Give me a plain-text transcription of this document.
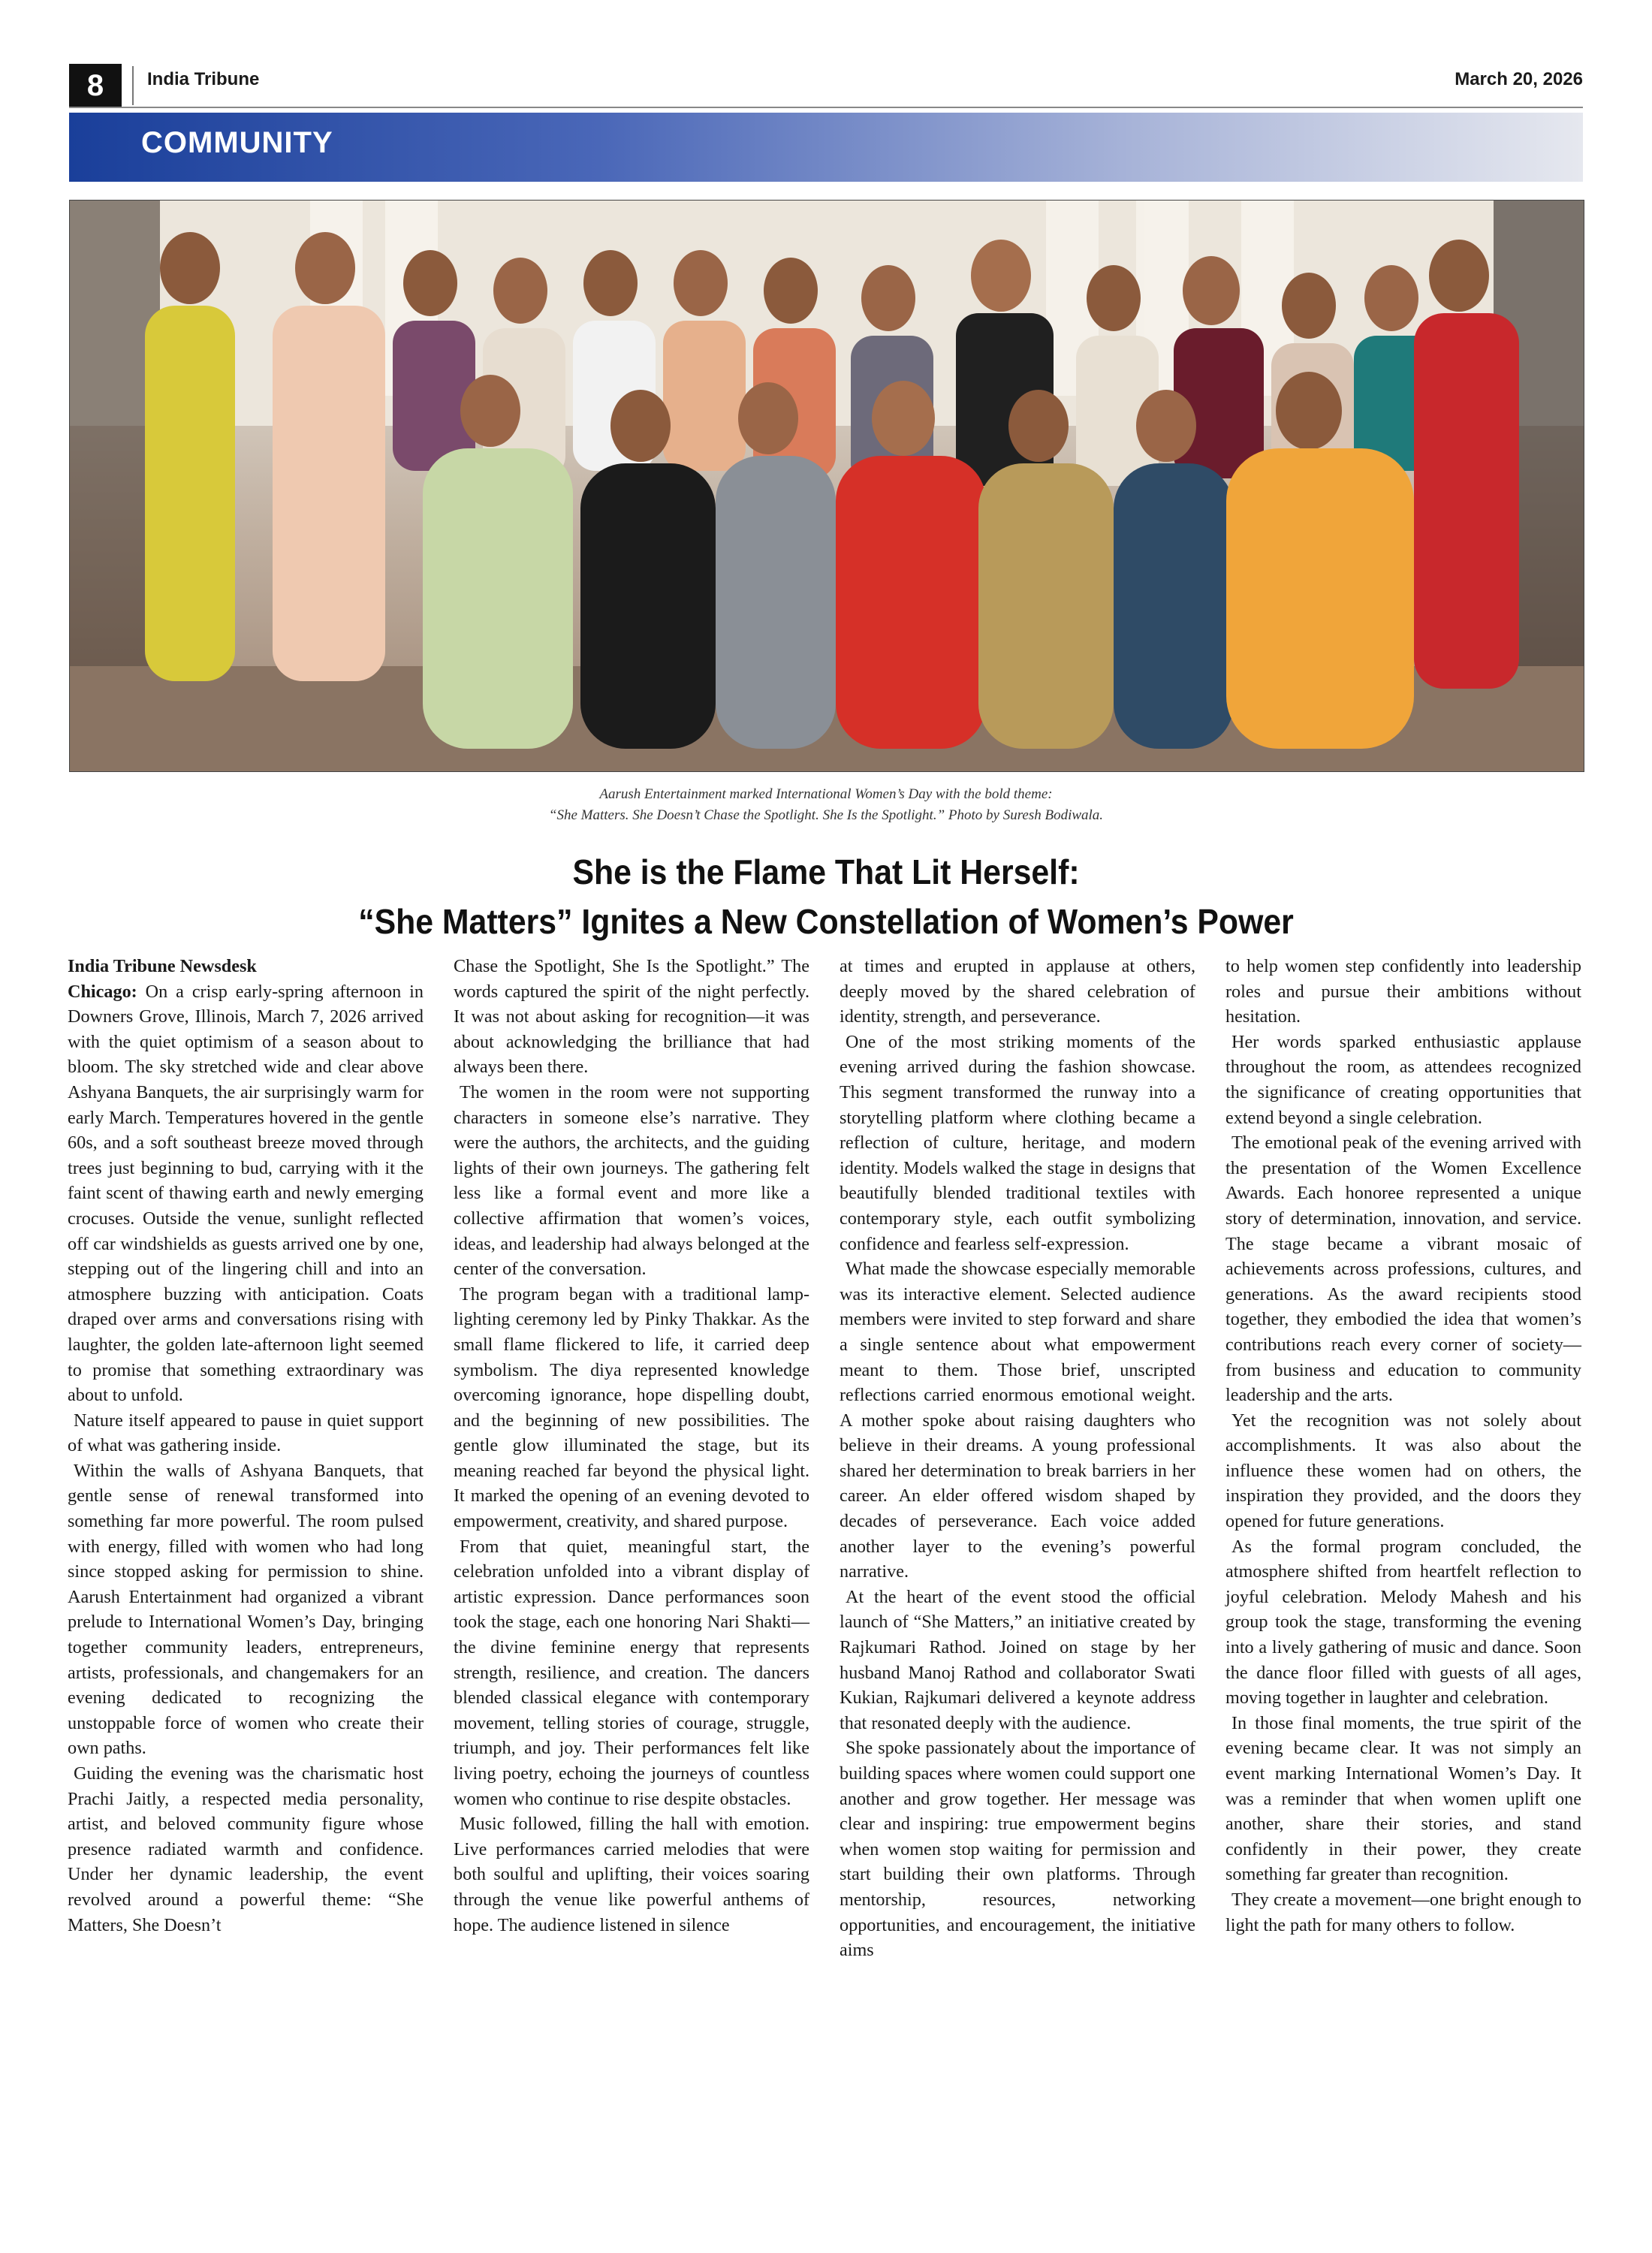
8	India Tribune	March 20, 2026
COMMUNITY
Aarush Entertainment marked International Women’s Day with the bold theme:
“She Matters. She Doesn’t Chase the Spotlight. She Is the Spotlight.” Photo by Suresh Bodiwala.
She is the Flame That Lit Herself:
“She Matters” Ignites a New Constellation of Women’s Power
India Tribune Newsdesk

Chicago: On a crisp early-spring afternoon in Downers Grove, Illinois, March 7, 2026 arrived with the quiet optimism of a season about to bloom. The sky stretched wide and clear above Ashyana Banquets, the air surprisingly warm for early March. Temperatures hovered in the gentle 60s, and a soft southeast breeze moved through trees just beginning to bud, carrying with it the faint scent of thawing earth and newly emerging crocuses. Outside the venue, sunlight reflected off car windshields as guests arrived one by one, stepping out of the lingering chill and into an atmosphere buzzing with anticipation. Coats draped over arms and conversations rising with laughter, the golden late-afternoon light seemed to promise that something extraordinary was about to unfold.

Nature itself appeared to pause in quiet support of what was gathering inside.

Within the walls of Ashyana Banquets, that gentle sense of renewal transformed into something far more powerful. The room pulsed with energy, filled with women who had long since stopped asking for permission to shine. Aarush Entertainment had organized a vibrant prelude to International Women’s Day, bringing together community leaders, entrepreneurs, artists, professionals, and changemakers for an evening dedicated to recognizing the unstoppable force of women who create their own paths.

Guiding the evening was the charismatic host Prachi Jaitly, a respected media personality, artist, and beloved community figure whose presence radiated warmth and confidence. Under her dynamic leadership, the event revolved around a powerful theme: “She Matters, She Doesn’t

Chase the Spotlight, She Is the Spotlight.” The words captured the spirit of the night perfectly. It was not about asking for recognition—it was about acknowledging the brilliance that had always been there.

The women in the room were not supporting characters in someone else’s narrative. They were the authors, the architects, and the guiding lights of their own journeys. The gathering felt less like a formal event and more like a collective affirmation that women’s voices, ideas, and leadership had always belonged at the center of the conversation.

The program began with a traditional lamp-lighting ceremony led by Pinky Thakkar. As the small flame flickered to life, it carried deep symbolism. The diya represented knowledge overcoming ignorance, hope dispelling doubt, and the beginning of new possibilities. The gentle glow illuminated the stage, but its meaning reached far beyond the physical light. It marked the opening of an evening devoted to empowerment, creativity, and shared purpose.

From that quiet, meaningful start, the celebration unfolded into a vibrant display of artistic expression. Dance performances soon took the stage, each one honoring Nari Shakti—the divine feminine energy that represents strength, resilience, and creation. The dancers blended classical elegance with contemporary movement, telling stories of courage, struggle, triumph, and joy. Their performances felt like living poetry, echoing the journeys of countless women who continue to rise despite obstacles.

Music followed, filling the hall with emotion. Live performances carried melodies that were both soulful and uplifting, their voices soaring through the venue like powerful anthems of hope. The audience listened in silence

at times and erupted in applause at others, deeply moved by the shared celebration of identity, strength, and perseverance.

One of the most striking moments of the evening arrived during the fashion showcase. This segment transformed the runway into a storytelling platform where clothing became a reflection of culture, heritage, and modern identity. Models walked the stage in designs that beautifully blended traditional textiles with contemporary style, each outfit symbolizing confidence and fearless self-expression.

What made the showcase especially memorable was its interactive element. Selected audience members were invited to step forward and share a single sentence about what empowerment meant to them. Those brief, unscripted reflections carried enormous emotional weight. A mother spoke about raising daughters who believe in their dreams. A young professional shared her determination to break barriers in her career. An elder offered wisdom shaped by decades of perseverance. Each voice added another layer to the evening’s powerful narrative.

At the heart of the event stood the official launch of “She Matters,” an initiative created by Rajkumari Rathod. Joined on stage by her husband Manoj Rathod and collaborator Swati Kukian, Rajkumari delivered a keynote address that resonated deeply with the audience.

She spoke passionately about the importance of building spaces where women could support one another and grow together. Her message was clear and inspiring: true empowerment begins when women stop waiting for permission and start building their own platforms. Through mentorship, resources, networking opportunities, and encouragement, the initiative aims

to help women step confidently into leadership roles and pursue their ambitions without hesitation.

Her words sparked enthusiastic applause throughout the room, as attendees recognized the significance of creating opportunities that extend beyond a single celebration.

The emotional peak of the evening arrived with the presentation of the Women Excellence Awards. Each honoree represented a unique story of determination, innovation, and service. The stage became a vibrant mosaic of achievements across professions, cultures, and generations. As the award recipients stood together, they embodied the idea that women’s contributions reach every corner of society—from business and education to community leadership and the arts.

Yet the recognition was not solely about accomplishments. It was also about the influence these women had on others, the inspiration they provided, and the doors they opened for future generations.

As the formal program concluded, the atmosphere shifted from heartfelt reflection to joyful celebration. Melody Mahesh and his group took the stage, transforming the evening into a lively gathering of music and dance. Soon the dance floor filled with guests of all ages, moving together in laughter and celebration.

In those final moments, the true spirit of the evening became clear. It was not simply an event marking International Women’s Day. It was a reminder that when women uplift one another, share their stories, and stand confidently in their power, they create something far greater than recognition.

They create a movement—one bright enough to light the path for many others to follow.
